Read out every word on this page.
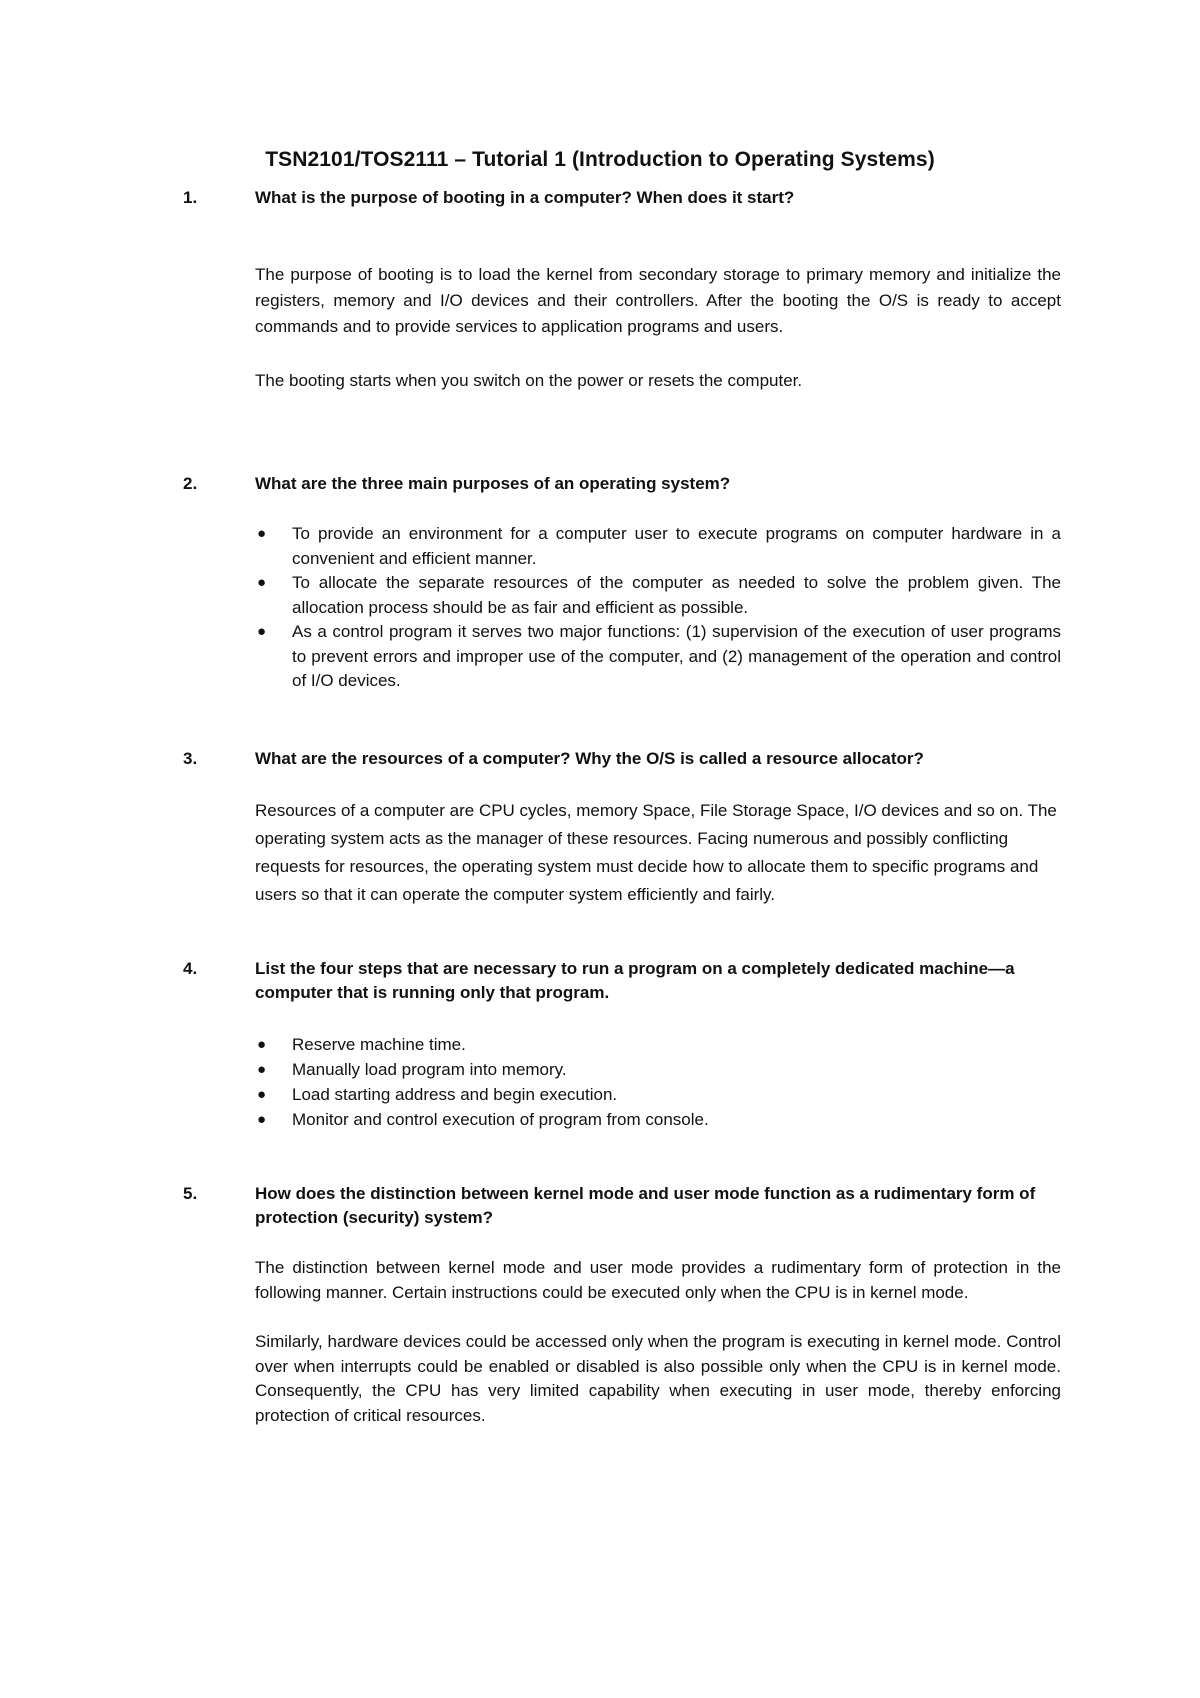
TSN2101/TOS2111 – Tutorial 1 (Introduction to Operating Systems)
1.	What is the purpose of booting in a computer? When does it start?
The purpose of booting is to load the kernel from secondary storage to primary memory and initialize the registers, memory and I/O devices and their controllers. After the booting the O/S is ready to accept commands and to provide services to application programs and users.
The booting starts when you switch on the power or resets the computer.
2.	What are the three main purposes of an operating system?
● To provide an environment for a computer user to execute programs on computer hardware in a convenient and efficient manner.
● To allocate the separate resources of the computer as needed to solve the problem given. The allocation process should be as fair and efficient as possible.
● As a control program it serves two major functions: (1) supervision of the execution of user programs to prevent errors and improper use of the computer, and (2) management of the operation and control of I/O devices.
3.	What are the resources of a computer? Why the O/S is called a resource allocator?
Resources of a computer are CPU cycles, memory Space, File Storage Space, I/O devices and so on. The operating system acts as the manager of these resources. Facing numerous and possibly conflicting requests for resources, the operating system must decide how to allocate them to specific programs and users so that it can operate the computer system efficiently and fairly.
4.	List the four steps that are necessary to run a program on a completely dedicated machine—a computer that is running only that program.
● Reserve machine time.
● Manually load program into memory.
● Load starting address and begin execution.
● Monitor and control execution of program from console.
5.	How does the distinction between kernel mode and user mode function as a rudimentary form of protection (security) system?
The distinction between kernel mode and user mode provides a rudimentary form of protection in the following manner. Certain instructions could be executed only when the CPU is in kernel mode.
Similarly, hardware devices could be accessed only when the program is executing in kernel mode. Control over when interrupts could be enabled or disabled is also possible only when the CPU is in kernel mode. Consequently, the CPU has very limited capability when executing in user mode, thereby enforcing protection of critical resources.
